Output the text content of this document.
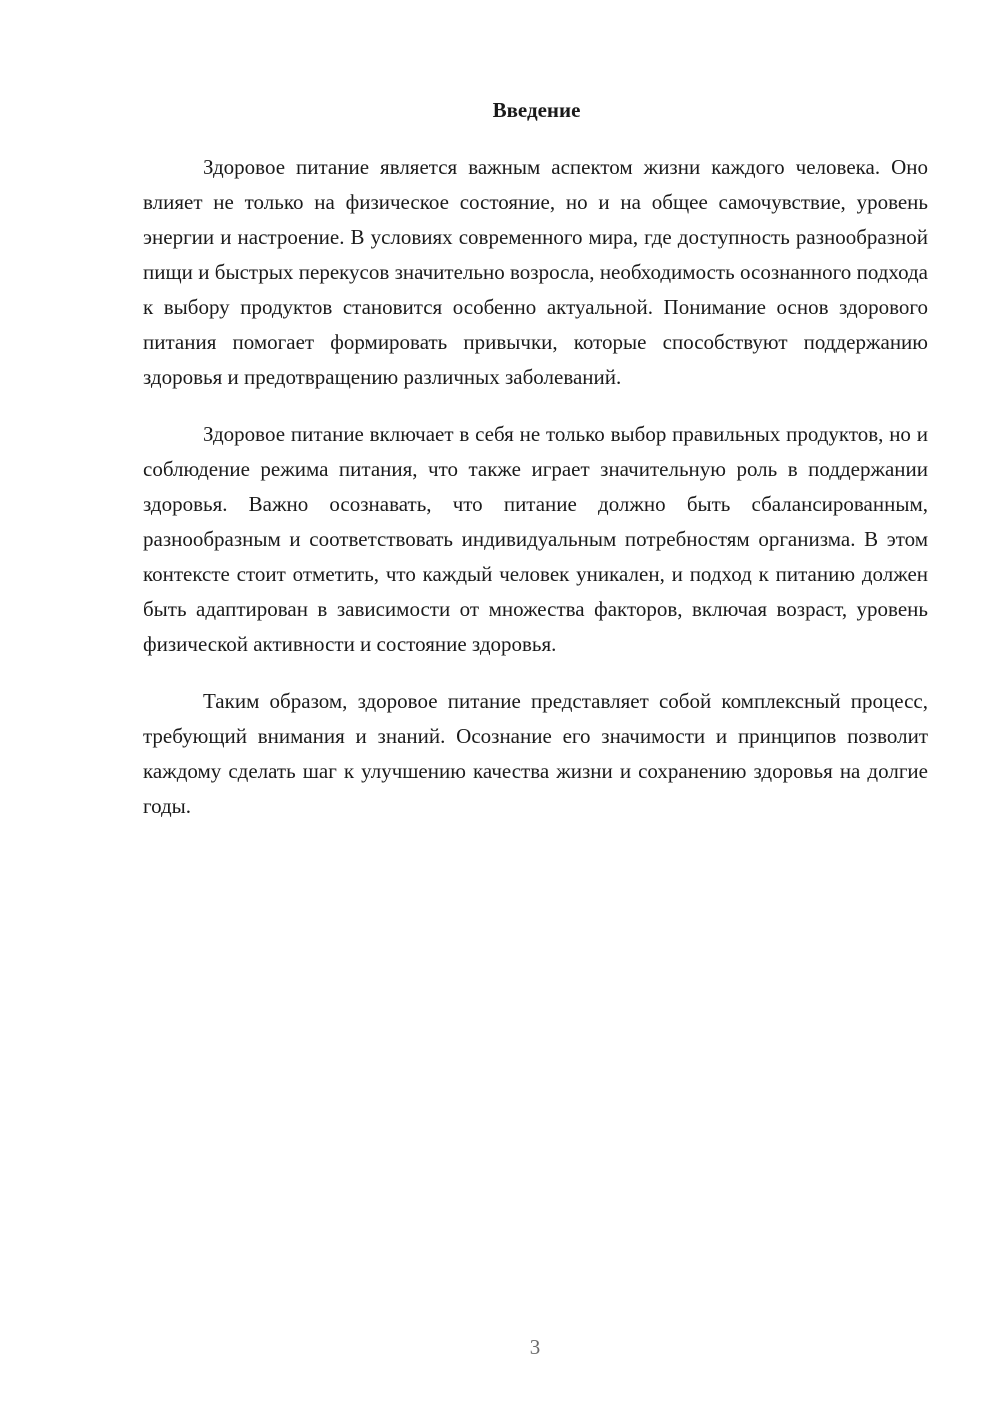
Введение

Здоровое питание является важным аспектом жизни каждого человека. Оно влияет не только на физическое состояние, но и на общее самочувствие, уровень энергии и настроение. В условиях современного мира, где доступность разнообразной пищи и быстрых перекусов значительно возросла, необходимость осознанного подхода к выбору продуктов становится особенно актуальной. Понимание основ здорового питания помогает формировать привычки, которые способствуют поддержанию здоровья и предотвращению различных заболеваний.

Здоровое питание включает в себя не только выбор правильных продуктов, но и соблюдение режима питания, что также играет значительную роль в поддержании здоровья. Важно осознавать, что питание должно быть сбалансированным, разнообразным и соответствовать индивидуальным потребностям организма. В этом контексте стоит отметить, что каждый человек уникален, и подход к питанию должен быть адаптирован в зависимости от множества факторов, включая возраст, уровень физической активности и состояние здоровья.

Таким образом, здоровое питание представляет собой комплексный процесс, требующий внимания и знаний. Осознание его значимости и принципов позволит каждому сделать шаг к улучшению качества жизни и сохранению здоровья на долгие годы.

3
